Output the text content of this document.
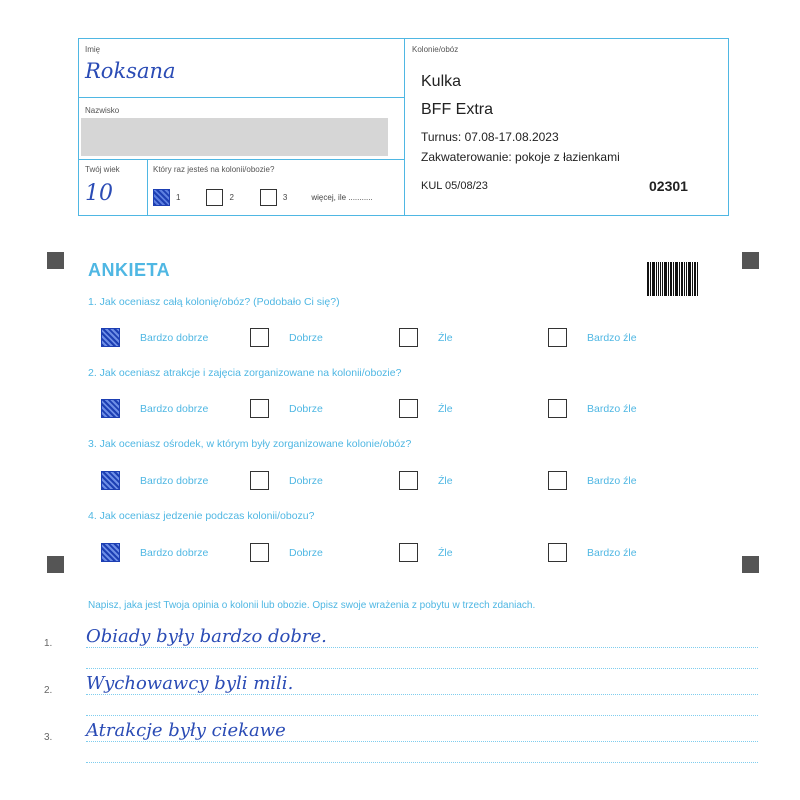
Imię
Roksana
Nazwisko
Twój wiek
10
Który raz jesteś na kolonii/obozie?
1	2	3	więcej, ile ...........
Kolonie/obóz
Kulka
BFF Extra
Turnus: 07.08-17.08.2023
Zakwaterowanie: pokoje z łazienkami
KUL 05/08/23	02301
ANKIETA
1. Jak oceniasz całą kolonię/obóz? (Podobało Ci się?)
Bardzo dobrze	Dobrze	Źle	Bardzo źle
2. Jak oceniasz atrakcje i zajęcia zorganizowane na kolonii/obozie?
Bardzo dobrze	Dobrze	Źle	Bardzo źle
3. Jak oceniasz ośrodek, w którym były zorganizowane kolonie/obóz?
Bardzo dobrze	Dobrze	Źle	Bardzo źle
4. Jak oceniasz jedzenie podczas kolonii/obozu?
Bardzo dobrze	Dobrze	Źle	Bardzo źle
Napisz, jaka jest Twoja opinia o kolonii lub obozie. Opisz swoje wrażenia z pobytu w trzech zdaniach.
1. Obiady były bardzo dobre.
2. Wychowawcy byli mili.
3. Atrakcje były ciekawe
